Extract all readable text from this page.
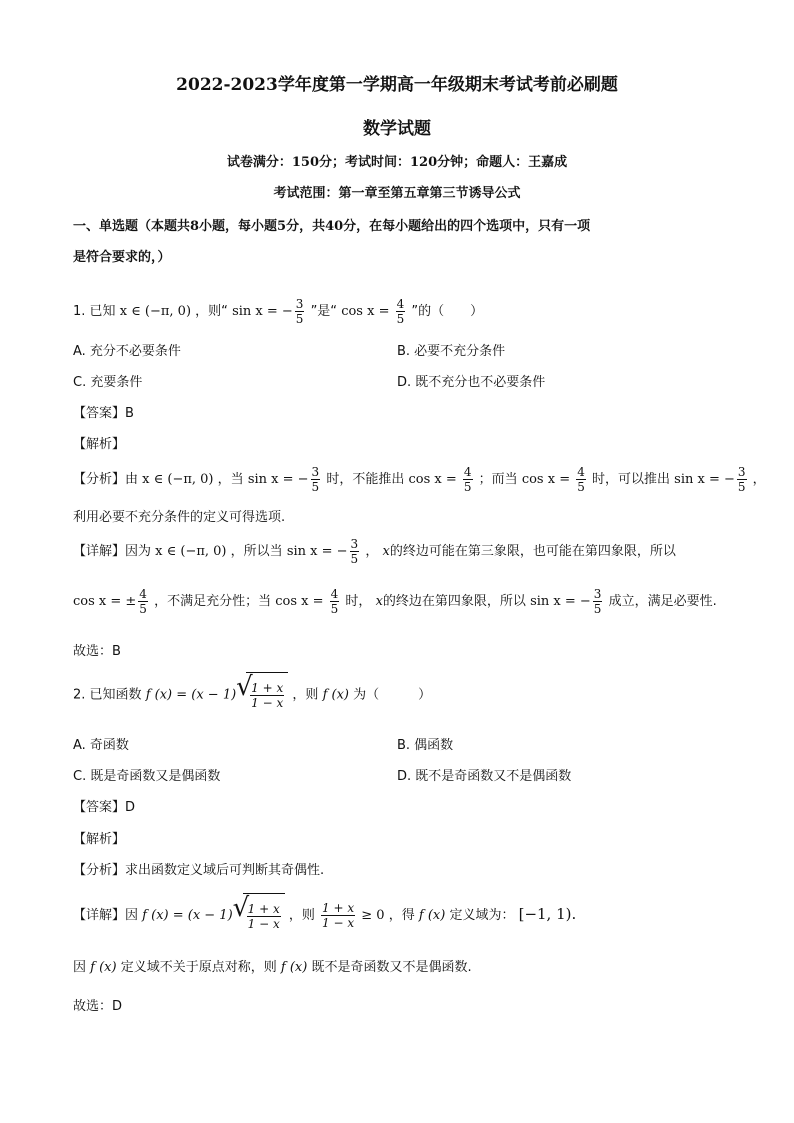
2022-2023学年度第一学期高一年级期末考试考前必刷题
数学试题
试卷满分：150分；考试时间：120分钟；命题人：王嘉成
考试范围：第一章至第五章第三节诱导公式
一、单选题（本题共8小题，每小题5分，共40分，在每小题给出的四个选项中，只有一项
是符合要求的，）
1. 已知 x ∈ (−π, 0) ，则“ sin x = − $\frac{3}{5}$ ”是“ $\cos x = \frac{4}{5}$ ”的（　　）
A. 充分不必要条件	B. 必要不充分条件
C. 充要条件	D. 既不充分也不必要条件
【答案】B
【解析】
【分析】由 x ∈ (−π, 0) ，当 sin x = − $\frac{3}{5}$ 时，不能推出 $\cos x = \frac{4}{5}$ ；而当 $\cos x = \frac{4}{5}$ 时，可以推出 sin x = − $\frac{3}{5}$ ，
利用必要不充分条件的定义可得选项.
【详解】因为 x ∈ (−π, 0) ，所以当 sin x = − $\frac{3}{5}$ ， x的终边可能在第三象限，也可能在第四象限，所以
cos x = ± $\frac{4}{5}$ ，不满足充分性；当 $\cos x = \frac{4}{5}$ 时， x的终边在第四象限，所以 sin x = − $\frac{3}{5}$ 成立，满足必要性.
故选：B
2. 已知函数 f (x) = (x − 1) √
$\frac{1 + x}{1 - x}$ ，则 f (x) 为（　　　）
A. 奇函数	B. 偶函数
C. 既是奇函数又是偶函数	D. 既不是奇函数又不是偶函数
【答案】D
【解析】
【分析】求出函数定义域后可判断其奇偶性.
【详解】因 f (x) = (x − 1) √
$\frac{1 + x}{1 - x}$ ，则 $\frac{1 + x}{1 - x} \ge 0$ ，得 f (x) 定义域为： [−1, 1).
因 f (x) 定义域不关于原点对称，则 f (x) 既不是奇函数又不是偶函数.
故选：D
